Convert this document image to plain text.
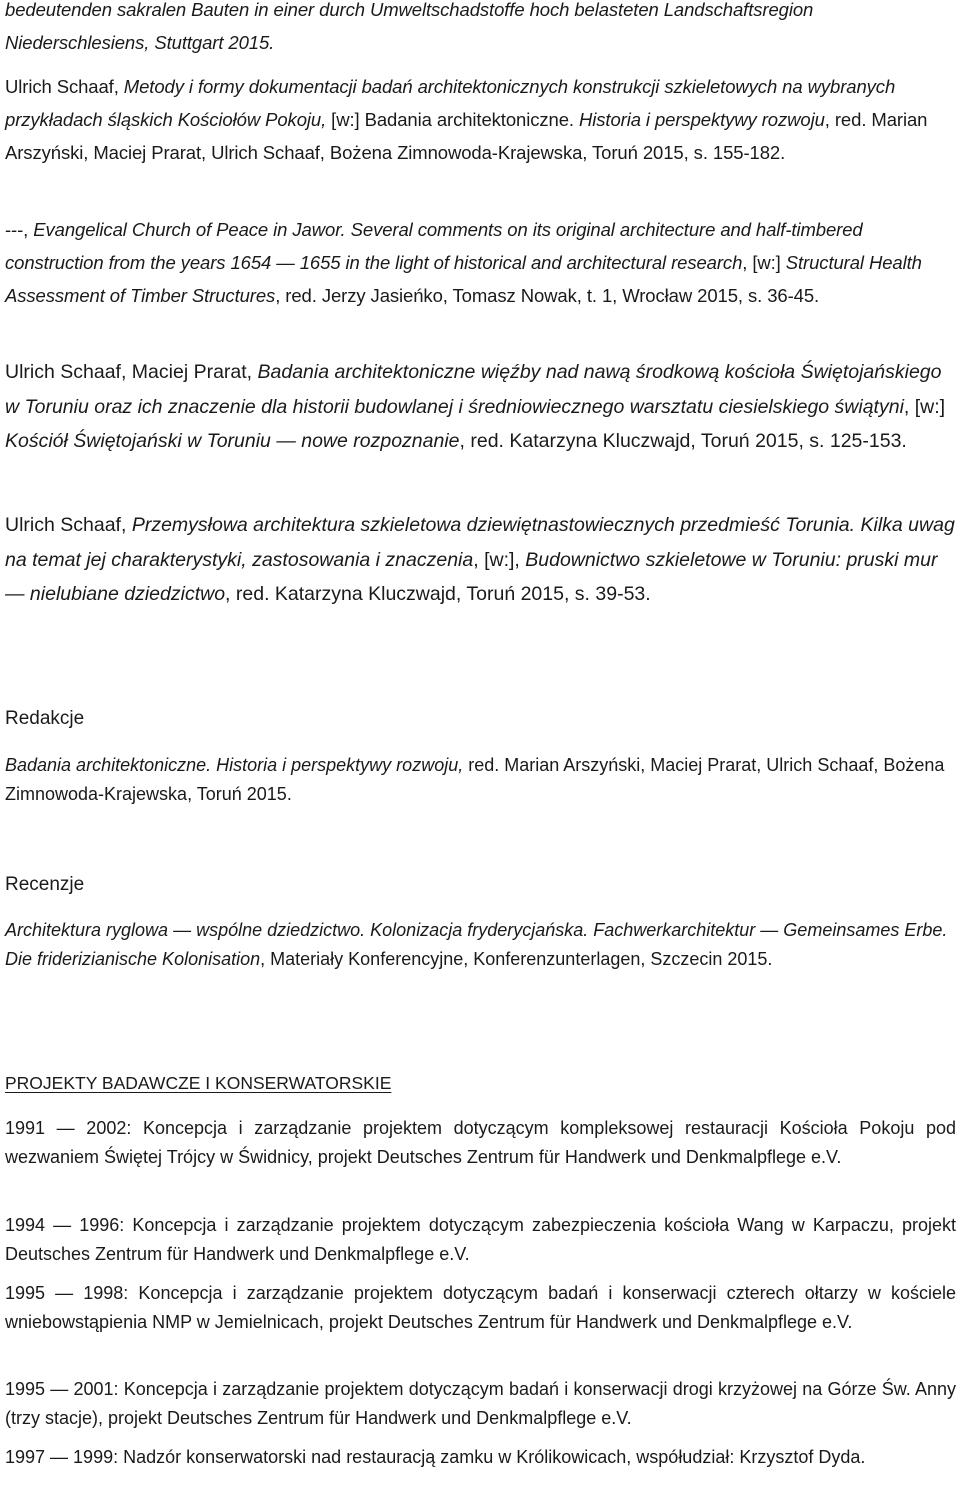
bedeutenden sakralen Bauten in einer durch Umweltschadstoffe hoch belasteten Landschaftsregion Niederschlesiens, Stuttgart 2015.

Ulrich Schaaf, Metody i formy dokumentacji badań architektonicznych konstrukcji szkieletowych na wybranych przykładach śląskich Kościołów Pokoju, [w:] Badania architektoniczne. Historia i perspektywy rozwoju, red. Marian Arszyński, Maciej Prarat, Ulrich Schaaf, Bożena Zimnowoda-Krajewska, Toruń 2015, s. 155-182.

---, Evangelical Church of Peace in Jawor. Several comments on its original architecture and half-timbered construction from the years 1654 — 1655 in the light of historical and architectural research, [w:] Structural Health Assessment of Timber Structures, red. Jerzy Jasieńko, Tomasz Nowak, t. 1, Wrocław 2015, s. 36-45.

Ulrich Schaaf, Maciej Prarat, Badania architektoniczne więźby nad nawą środkową kościoła Świętojańskiego w Toruniu oraz ich znaczenie dla historii budowlanej i średniowiecznego warsztatu ciesielskiego świątyni, [w:] Kościół Świętojański w Toruniu — nowe rozpoznanie, red. Katarzyna Kluczwajd, Toruń 2015, s. 125-153.

Ulrich Schaaf, Przemysłowa architektura szkieletowa dziewiętnastowiecznych przedmieść Torunia. Kilka uwag na temat jej charakterystyki, zastosowania i znaczenia, [w:], Budownictwo szkieletowe w Toruniu: pruski mur — nielubiane dziedzictwo, red. Katarzyna Kluczwajd, Toruń 2015, s. 39-53.

Redakcje

Badania architektoniczne. Historia i perspektywy rozwoju, red. Marian Arszyński, Maciej Prarat, Ulrich Schaaf, Bożena Zimnowoda-Krajewska, Toruń 2015.

Recenzje

Architektura ryglowa — wspólne dziedzictwo. Kolonizacja fryderycjańska. Fachwerkarchitektur — Gemeinsames Erbe. Die friderizianische Kolonisation, Materiały Konferencyjne, Konferenzunterlagen, Szczecin 2015.

PROJEKTY BADAWCZE I KONSERWATORSKIE

1991 — 2002: Koncepcja i zarządzanie projektem dotyczącym kompleksowej restauracji Kościoła Pokoju pod wezwaniem Świętej Trójcy w Świdnicy, projekt Deutsches Zentrum für Handwerk und Denkmalpflege e.V.

1994 — 1996: Koncepcja i zarządzanie projektem dotyczącym zabezpieczenia kościoła Wang w Karpaczu, projekt Deutsches Zentrum für Handwerk und Denkmalpflege e.V.

1995 — 1998: Koncepcja i zarządzanie projektem dotyczącym badań i konserwacji czterech ołtarzy w kościele wniebowstąpienia NMP w Jemielnicach, projekt Deutsches Zentrum für Handwerk und Denkmalpflege e.V.

1995 — 2001: Koncepcja i zarządzanie projektem dotyczącym badań i konserwacji drogi krzyżowej na Górze Św. Anny (trzy stacje), projekt Deutsches Zentrum für Handwerk und Denkmalpflege e.V.

1997 — 1999: Nadzór konserwatorski nad restauracją zamku w Królikowicach, współudział: Krzysztof Dyda.
